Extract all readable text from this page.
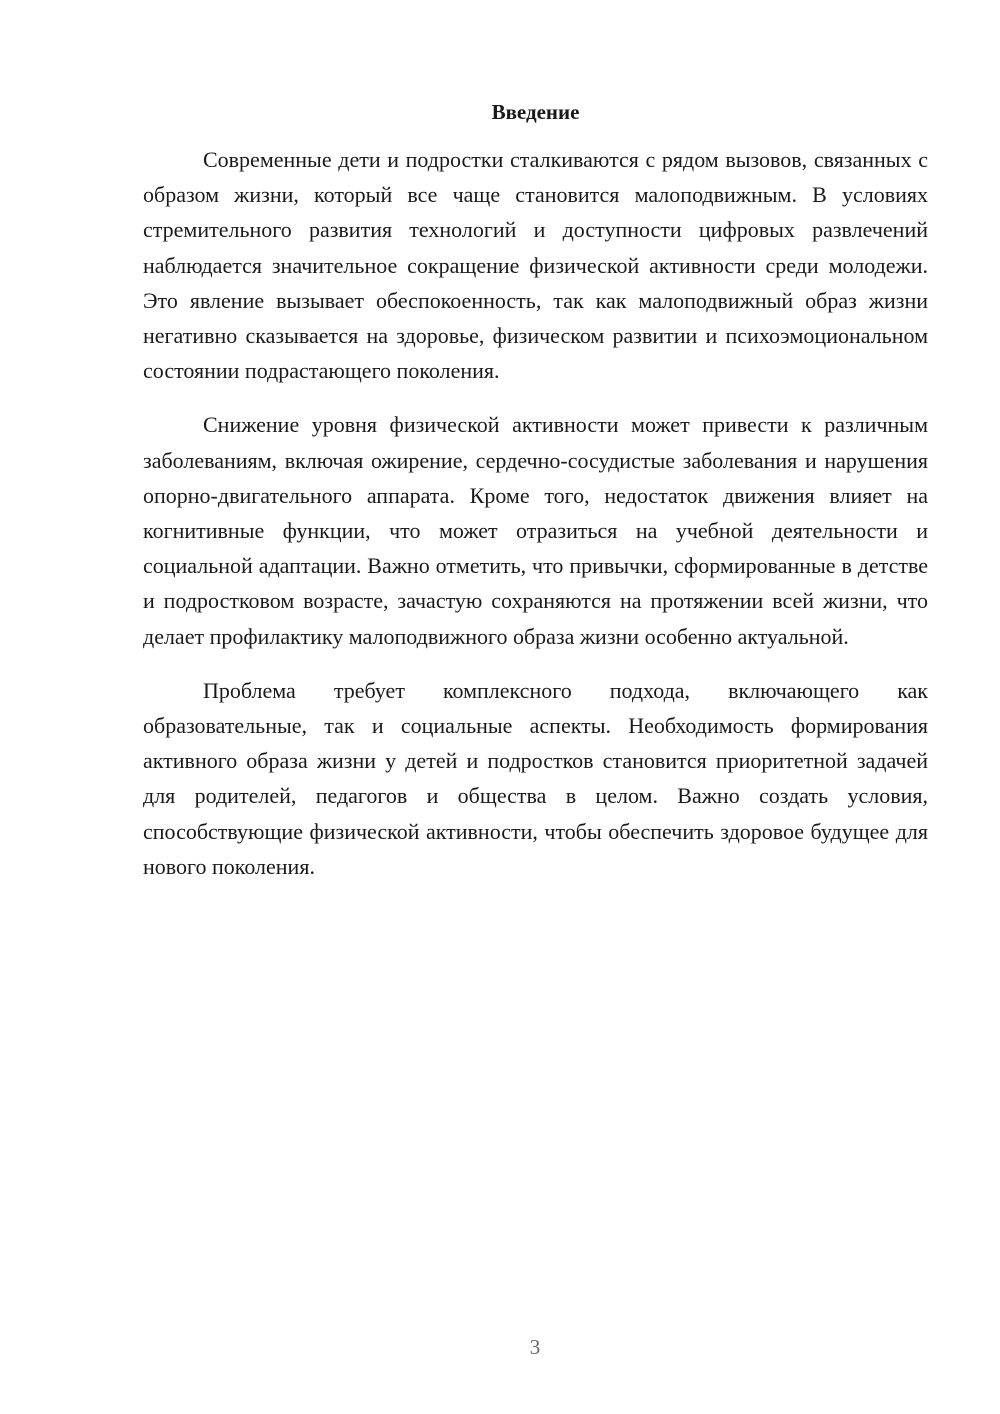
Введение

Современные дети и подростки сталкиваются с рядом вызовов, связанных с образом жизни, который все чаще становится малоподвижным. В условиях стремительного развития технологий и доступности цифровых развлечений наблюдается значительное сокращение физической активности среди молодежи. Это явление вызывает обеспокоенность, так как малоподвижный образ жизни негативно сказывается на здоровье, физическом развитии и психоэмоциональном состоянии подрастающего поколения.

Снижение уровня физической активности может привести к различным заболеваниям, включая ожирение, сердечно-сосудистые заболевания и нарушения опорно-двигательного аппарата. Кроме того, недостаток движения влияет на когнитивные функции, что может отразиться на учебной деятельности и социальной адаптации. Важно отметить, что привычки, сформированные в детстве и подростковом возрасте, зачастую сохраняются на протяжении всей жизни, что делает профилактику малоподвижного образа жизни особенно актуальной.

Проблема требует комплексного подхода, включающего как образовательные, так и социальные аспекты. Необходимость формирования активного образа жизни у детей и подростков становится приоритетной задачей для родителей, педагогов и общества в целом. Важно создать условия, способствующие физической активности, чтобы обеспечить здоровое будущее для нового поколения.

3
